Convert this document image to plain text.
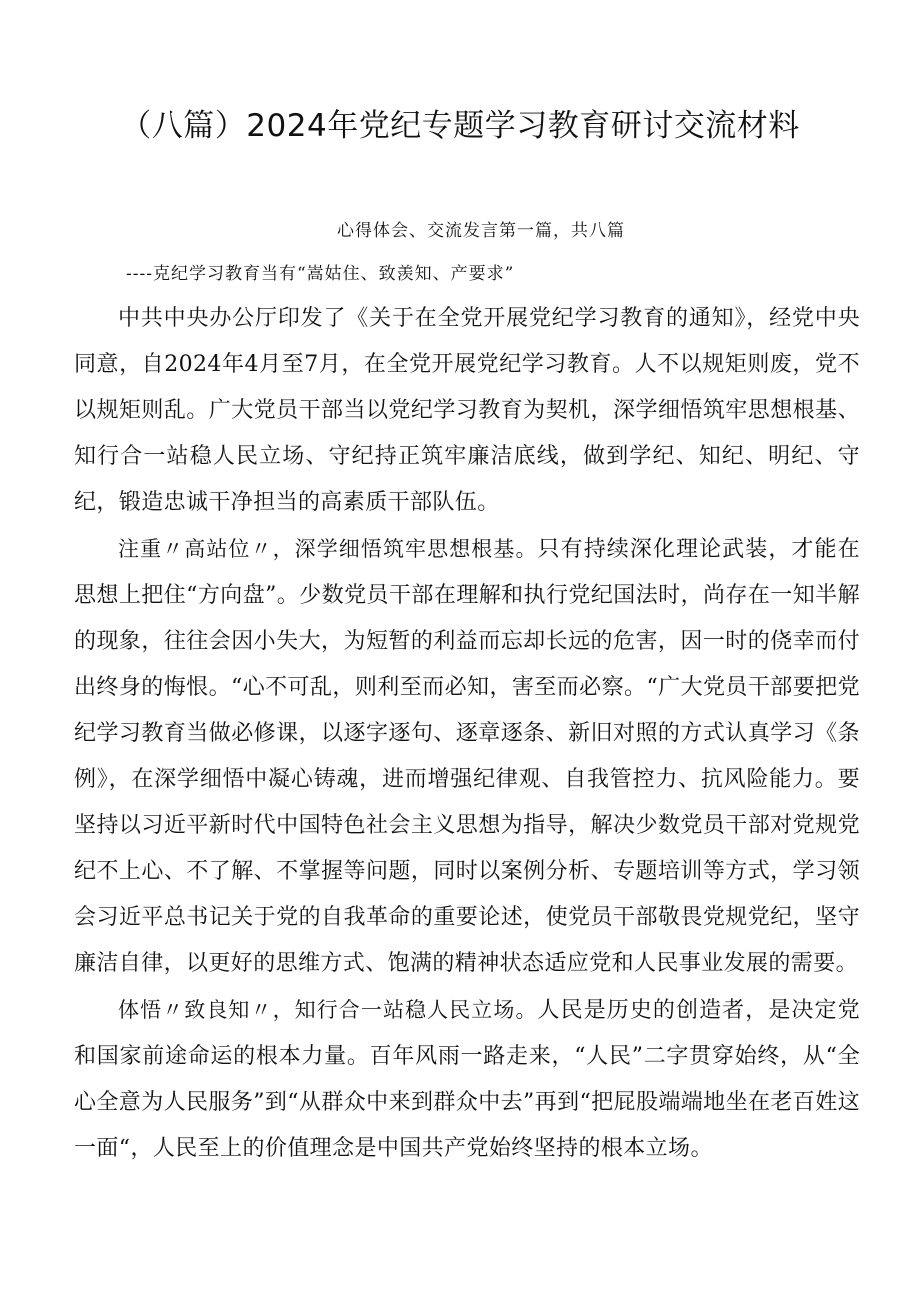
（八篇）2024年党纪专题学习教育研讨交流材料
心得体会、交流发言第一篇，共八篇
----克纪学习教育当有“嵩姑住、致羡知、产要求”

中共中央办公厅印发了《关于在全党开展党纪学习教育的通知》，经党中央同意，自2024年4月至7月，在全党开展党纪学习教育。人不以规矩则废，党不以规矩则乱。广大党员干部当以党纪学习教育为契机，深学细悟筑牢思想根基、知行合一站稳人民立场、守纪持正筑牢廉洁底线，做到学纪、知纪、明纪、守纪，锻造忠诚干净担当的高素质干部队伍。

注重〃高站位〃，深学细悟筑牢思想根基。只有持续深化理论武装，才能在思想上把住“方向盘”。少数党员干部在理解和执行党纪国法时，尚存在一知半解的现象，往往会因小失大，为短暂的利益而忘却长远的危害，因一时的侥幸而付出终身的悔恨。“心不可乱，则利至而必知，害至而必察。“广大党员干部要把党纪学习教育当做必修课，以逐字逐句、逐章逐条、新旧对照的方式认真学习《条例》，在深学细悟中凝心铸魂，进而增强纪律观、自我管控力、抗风险能力。要坚持以习近平新时代中国特色社会主义思想为指导，解决少数党员干部对党规党纪不上心、不了解、不掌握等问题，同时以案例分析、专题培训等方式，学习领会习近平总书记关于党的自我革命的重要论述，使党员干部敬畏党规党纪，坚守廉洁自律，以更好的思维方式、饱满的精神状态适应党和人民事业发展的需要。

体悟〃致良知〃，知行合一站稳人民立场。人民是历史的创造者，是决定党和国家前途命运的根本力量。百年风雨一路走来，“人民”二字贯穿始终，从“全心全意为人民服务”到“从群众中来到群众中去”再到“把屁股端端地坐在老百姓这一面“，人民至上的价值理念是中国共产党始终坚持的根本立场。
